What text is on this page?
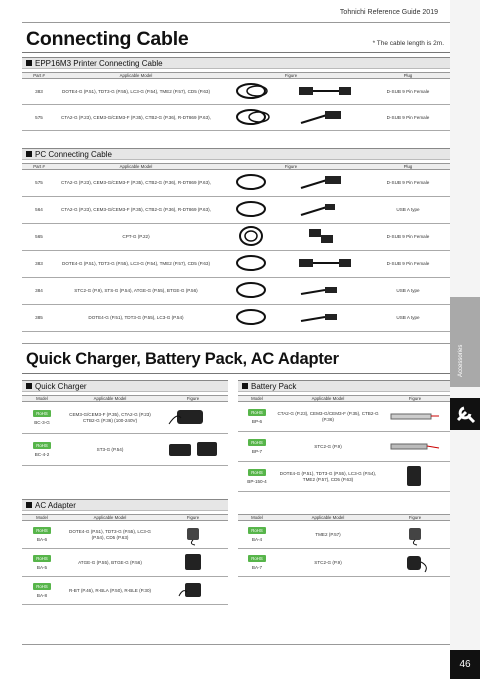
Accessories
46
Tohnichi Reference Guide 2019
Connecting Cable	* The cable length is 2m.
EPP16M3 Printer Connecting Cable
Part #	Applicable Model	Figure	Plug
383	DOTE4-G (P.51), TDT3-G (P.55), LC3-G (P.54), TME2 (P.57), CD5 (P.63)		D-SUB 9 Pin Female
575	CTA2-G (P.23), CEM3-G/CEM3-F (P.35), CTB2-G (P.36), R-DT869 (P.63),		D-SUB 9 Pin Female
PC Connecting Cable
Part #	Applicable Model	Figure	Plug
575	CTA2-G (P.23), CEM3-G/CEM3-F (P.35), CTB2-G (P.36), R-DT869 (P.63),		D-SUB 9 Pin Female
564	CTA2-G (P.23), CEM3-G/CEM3-F (P.35), CTB2-G (P.36), R-DT869 (P.63),		USB A type
565	CPT-G (P.22)		D-SUB 9 Pin Female
383	DOTE4-G (P.51), TDT3-G (P.55), LC3-G (P.54), TME2 (P.57), CD5 (P.63)		D-SUB 9 Pin Female
384	STC2-G (P.9), STS-G (P.54), ATGE-G (P.55), BTGE-G (P.56)		USB A type
385	DOTE4-G (P.51), TDT3-G (P.55), LC3-G (P.54)		USB A type
Quick Charger, Battery Pack, AC Adapter
Quick Charger
Model	Applicable Model	Figure
RoHS
BC-3-G	CEM3-G/CEM3-F (P.35), CTA2-G (P.23) CTB2-G (P.36) (100-240V)	
RoHS
BC-4-2	ST3-G (P.54)	
Battery Pack
Model	Applicable Model	Figure
RoHS
BP-6	CTA2-G (P.23), CEM3-G/CEM3-F (P.35), CTB2-G (P.36)	
RoHS
BP-7	STC2-G (P.9)	
RoHS
BP-150-4	DOTE4-G (P.51), TDT3-G (P.55), LC3-G (P.54), TME2 (P.57), CD5 (P.63)	
AC Adapter
Model	Applicable Model	Figure
RoHS
BA-6	DOTE4-G (P.51), TDT3-G (P.55), LC3-G (P.54), CD5 (P.63)	
RoHS
BA-5	ATGE-G (P.55), BTGE-G (P.56)	
RoHS
BA-8	R-BT (P.46), R-BLA (P.50), R-BLE (P.30)	
Model	Applicable Model	Figure
RoHS
BA-4	TME2 (P.57)	
RoHS
BA-7	STC2-G (P.9)	
